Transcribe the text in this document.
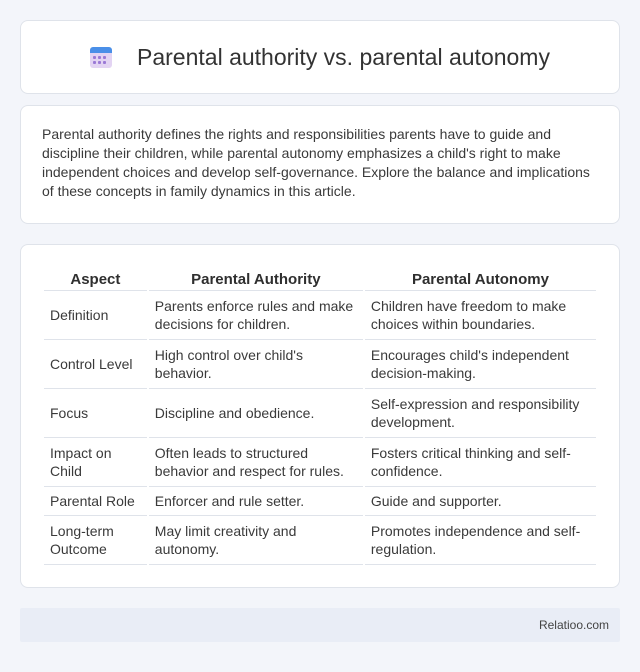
Parental authority vs. parental autonomy

Parental authority defines the rights and responsibilities parents have to guide and discipline their children, while parental autonomy emphasizes a child's right to make independent choices and develop self-governance. Explore the balance and implications of these concepts in family dynamics in this article.

Aspect	Parental Authority	Parental Autonomy
Definition	Parents enforce rules and make decisions for children.	Children have freedom to make choices within boundaries.
Control Level	High control over child's behavior.	Encourages child's independent decision-making.
Focus	Discipline and obedience.	Self-expression and responsibility development.
Impact on Child	Often leads to structured behavior and respect for rules.	Fosters critical thinking and self-confidence.
Parental Role	Enforcer and rule setter.	Guide and supporter.
Long-term Outcome	May limit creativity and autonomy.	Promotes independence and self-regulation.
Relatioo.com
